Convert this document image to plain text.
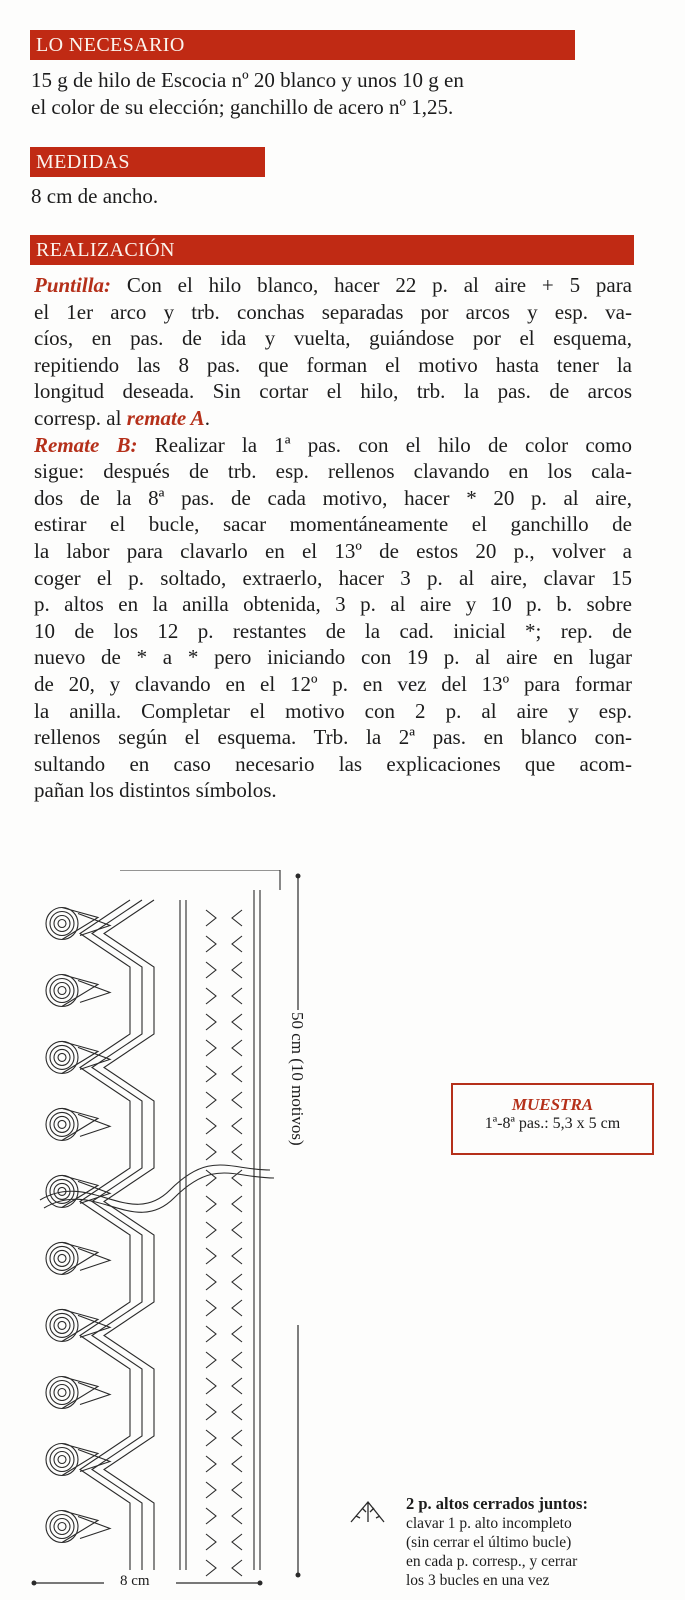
LO NECESARIO
15 g de hilo de Escocia nº 20 blanco y unos 10 g en
el color de su elección; ganchillo de acero nº 1,25.
MEDIDAS
8 cm de ancho.
REALIZACIÓN
Puntilla: Con el hilo blanco, hacer 22 p. al aire + 5 para
el 1er arco y trb. conchas separadas por arcos y esp. va-
cíos, en pas. de ida y vuelta, guiándose por el esquema,
repitiendo las 8 pas. que forman el motivo hasta tener la
longitud deseada. Sin cortar el hilo, trb. la pas. de arcos
corresp. al remate A.
Remate B: Realizar la 1ª pas. con el hilo de color como
sigue: después de trb. esp. rellenos clavando en los cala-
dos de la 8ª pas. de cada motivo, hacer * 20 p. al aire,
estirar el bucle, sacar momentáneamente el ganchillo de
la labor para clavarlo en el 13º de estos 20 p., volver a
coger el p. soltado, extraerlo, hacer 3 p. al aire, clavar 15
p. altos en la anilla obtenida, 3 p. al aire y 10 p. b. sobre
10 de los 12 p. restantes de la cad. inicial *; rep. de
nuevo de * a * pero iniciando con 19 p. al aire en lugar
de 20, y clavando en el 12º p. en vez del 13º para formar
la anilla. Completar el motivo con 2 p. al aire y esp.
rellenos según el esquema. Trb. la 2ª pas. en blanco con-
sultando en caso necesario las explicaciones que acom-
pañan los distintos símbolos.
50 cm (10 motivos)
8 cm
MUESTRA
1ª-8ª pas.: 5,3 x 5 cm
2 p. altos cerrados juntos:
clavar 1 p. alto incompleto
(sin cerrar el último bucle)
en cada p. corresp., y cerrar
los 3 bucles en una vez
